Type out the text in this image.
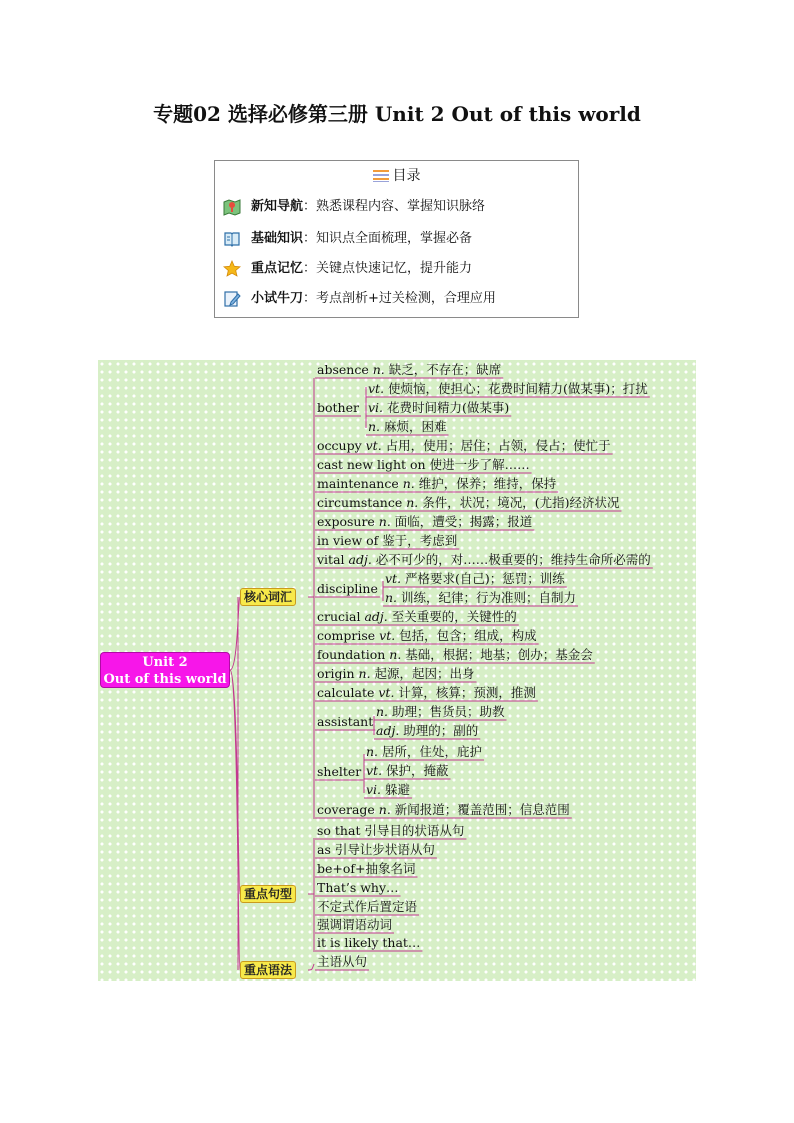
专题02 选择必修第三册 Unit 2 Out of this world
目录
新知导航：熟悉课程内容、掌握知识脉络
基础知识：知识点全面梳理，掌握必备
重点记忆：关键点快速记忆，提升能力
小试牛刀：考点剖析+过关检测，合理应用
Unit 2
Out of this world
核心词汇
重点句型
重点语法
absence n. 缺乏，不存在；缺席
bother
vt. 使烦恼，使担心；花费时间精力(做某事)；打扰
vi. 花费时间精力(做某事)
n. 麻烦，困难
occupy vt. 占用，使用；居住；占领，侵占；使忙于
cast new light on 使进一步了解……
maintenance n. 维护，保养；维持，保持
circumstance n. 条件，状况；境况，(尤指)经济状况
exposure n. 面临，遭受；揭露；报道
in view of 鉴于，考虑到
vital adj. 必不可少的，对……极重要的；维持生命所必需的
discipline
vt. 严格要求(自己)；惩罚；训练
n. 训练，纪律；行为准则；自制力
crucial adj. 至关重要的，关键性的
comprise vt. 包括，包含；组成，构成
foundation n. 基础，根据；地基；创办；基金会
origin n. 起源，起因；出身
calculate vt. 计算，核算；预测，推测
assistant
n. 助理；售货员；助教
adj. 助理的；副的
shelter
n. 居所，住处，庇护
vt. 保护，掩蔽
vi. 躲避
coverage n. 新闻报道；覆盖范围；信息范围
so that 引导目的状语从句
as 引导让步状语从句
be+of+抽象名词
That’s why…
不定式作后置定语
强调谓语动词
it is likely that…
主语从句
